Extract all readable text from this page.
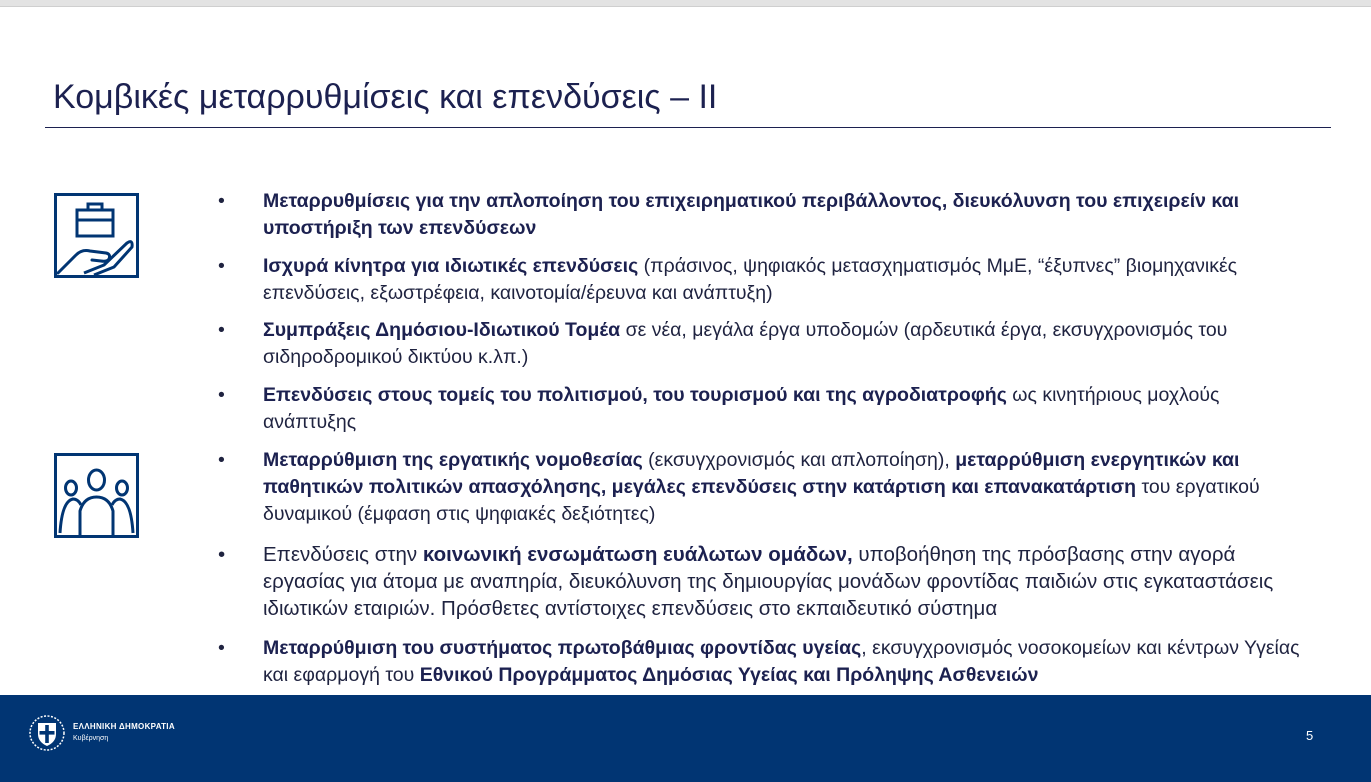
Κομβικές μεταρρυθμίσεις και επενδύσεις – ΙΙ
•	Μεταρρυθμίσεις για την απλοποίηση του επιχειρηματικού περιβάλλοντος, διευκόλυνση του επιχειρείν και υποστήριξη των επενδύσεων
•	Ισχυρά κίνητρα για ιδιωτικές επενδύσεις (πράσινος, ψηφιακός μετασχηματισμός ΜμΕ, “έξυπνες” βιομηχανικές επενδύσεις, εξωστρέφεια, καινοτομία/έρευνα και ανάπτυξη)
•	Συμπράξεις Δημόσιου-Ιδιωτικού Τομέα σε νέα, μεγάλα έργα υποδομών (αρδευτικά έργα, εκσυγχρονισμός του σιδηροδρομικού δικτύου κ.λπ.)
•	Επενδύσεις στους τομείς του πολιτισμού, του τουρισμού και της αγροδιατροφής ως κινητήριους μοχλούς ανάπτυξης
•	Μεταρρύθμιση της εργατικής νομοθεσίας (εκσυγχρονισμός και απλοποίηση), μεταρρύθμιση ενεργητικών και παθητικών πολιτικών απασχόλησης, μεγάλες επενδύσεις στην κατάρτιση και επανακατάρτιση του εργατικού δυναμικού (έμφαση στις ψηφιακές δεξιότητες)
•	Επενδύσεις στην κοινωνική ενσωμάτωση ευάλωτων ομάδων, υποβοήθηση της πρόσβασης στην αγορά εργασίας για άτομα με αναπηρία, διευκόλυνση της δημιουργίας μονάδων φροντίδας παιδιών στις εγκαταστάσεις ιδιωτικών εταιριών. Πρόσθετες αντίστοιχες επενδύσεις στο εκπαιδευτικό σύστημα
•	Μεταρρύθμιση του συστήματος πρωτοβάθμιας φροντίδας υγείας, εκσυγχρονισμός νοσοκομείων και κέντρων Υγείας και εφαρμογή του Εθνικού Προγράμματος Δημόσιας Υγείας και Πρόληψης Ασθενειών
ΕΛΛΗΝΙΚΗ ΔΗΜΟΚΡΑΤΙΑ
Κυβέρνηση	5
